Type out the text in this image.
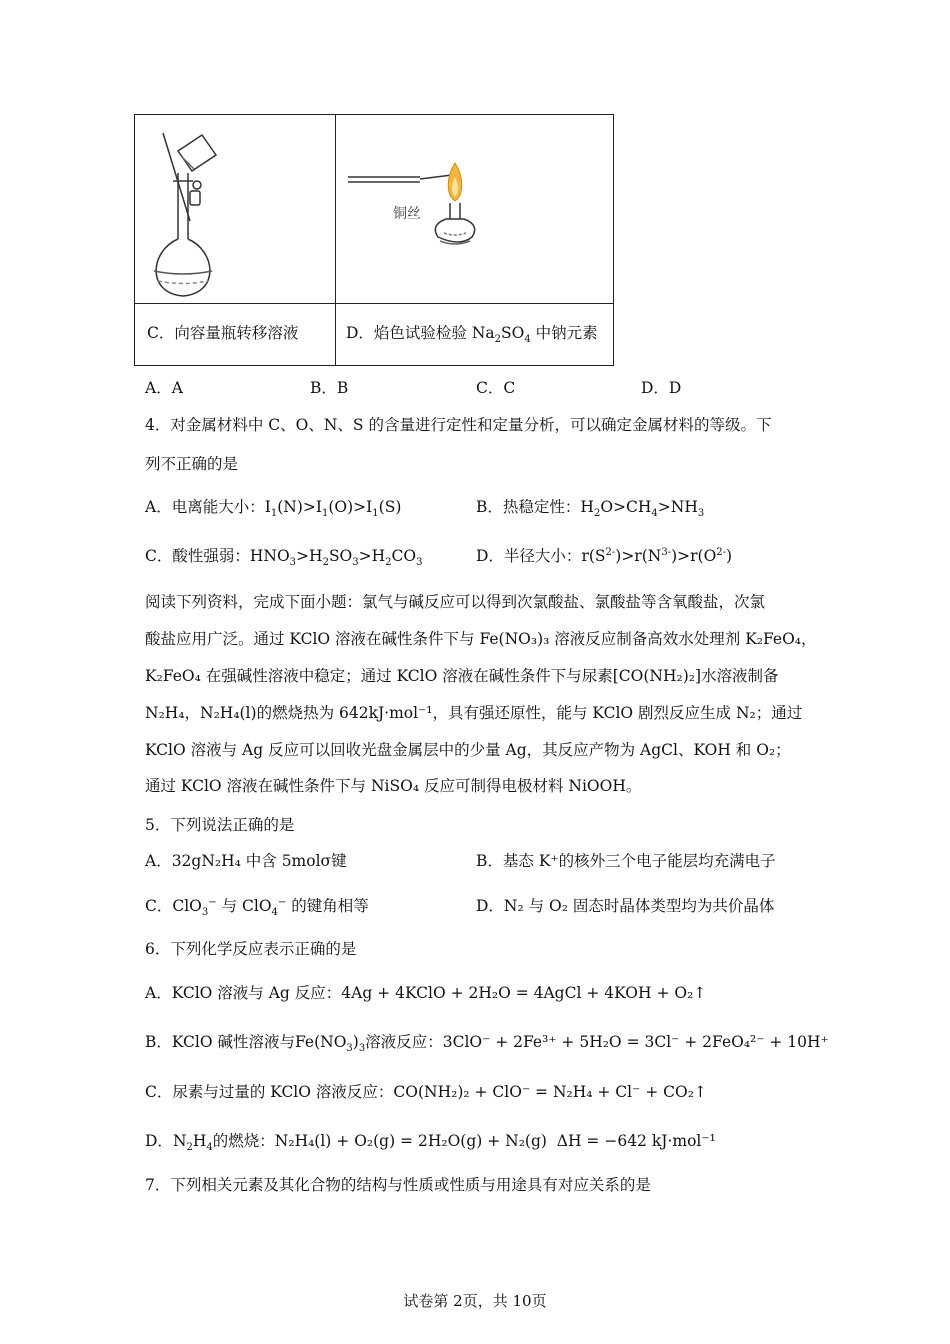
铜丝
C．向容量瓶转移溶液	D．焰色试验检验 $Na_2SO_4$ 中钠元素
A．A	B．B	C．C	D．D
4．对金属材料中 C、O、N、S 的含量进行定性和定量分析，可以确定金属材料的等级。下
列不正确的是
A．电离能大小：$I_1(N)>I_1(O)>I_1(S)$	B．热稳定性：$H_2O>CH_4>NH_3$
C．酸性强弱：$HNO_3>H_2SO_3>H_2CO_3$	D．半径大小：$r(S^{2-})>r(N^{3-})>r(O^{2-})$
阅读下列资料，完成下面小题：氯气与碱反应可以得到次氯酸盐、氯酸盐等含氧酸盐，次氯
酸盐应用广泛。通过 KClO 溶液在碱性条件下与 Fe(NO₃)₃ 溶液反应制备高效水处理剂 K₂FeO₄，
K₂FeO₄ 在强碱性溶液中稳定；通过 KClO 溶液在碱性条件下与尿素[CO(NH₂)₂]水溶液制备
N₂H₄，N₂H₄(l)的燃烧热为 642kJ·mol⁻¹，具有强还原性，能与 KClO 剧烈反应生成 N₂；通过
KClO 溶液与 Ag 反应可以回收光盘金属层中的少量 Ag，其反应产物为 AgCl、KOH 和 O₂；
通过 KClO 溶液在碱性条件下与 NiSO₄ 反应可制得电极材料 NiOOH。
5．下列说法正确的是
A．32gN₂H₄ 中含 5molσ键	B．基态 K⁺的核外三个电子能层均充满电子
C．ClO$_3$− 与 ClO$_4$− 的键角相等	D．N₂ 与 O₂ 固态时晶体类型均为共价晶体
6．下列化学反应表示正确的是
A．KClO 溶液与 Ag 反应：4Ag + 4KClO + 2H₂O = 4AgCl + 4KOH + O₂↑
B．KClO 碱性溶液与$Fe(NO_3)_3$溶液反应：3ClO⁻ + 2Fe³⁺ + 5H₂O = 3Cl⁻ + 2FeO₄²⁻ + 10H⁺
C．尿素与过量的 KClO 溶液反应：CO(NH₂)₂ + ClO⁻ = N₂H₄ + Cl⁻ + CO₂↑
D．$N_2H_4$的燃烧：N₂H₄(l) + O₂(g) = 2H₂O(g) + N₂(g) ΔH = −642 kJ·mol⁻¹
7．下列相关元素及其化合物的结构与性质或性质与用途具有对应关系的是
试卷第 2页，共 10页
